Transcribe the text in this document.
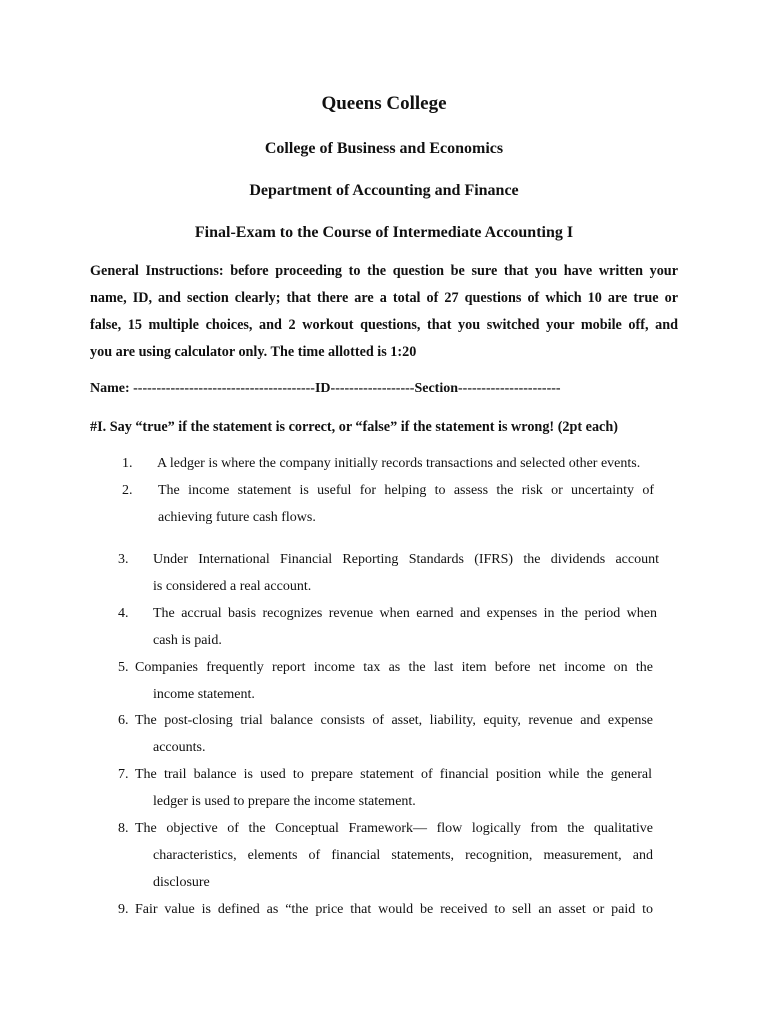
Queens College
College of Business and Economics
Department of Accounting and Finance
Final-Exam to the Course of Intermediate Accounting I
General Instructions: before proceeding to the question be sure that you have written your
name, ID, and section clearly; that there are a total of 27 questions of which 10 are true or
false, 15 multiple choices, and 2 workout questions, that you switched your mobile off, and
you are using calculator only. The time allotted is 1:20
Name: ---------------------------------------ID------------------Section----------------------
#I. Say “true” if the statement is correct, or “false” if the statement is wrong! (2pt each)
1. A ledger is where the company initially records transactions and selected other events.
2. The income statement is useful for helping to assess the risk or uncertainty of
achieving future cash flows.
3. Under International Financial Reporting Standards (IFRS) the dividends account
is considered a real account.
4. The accrual basis recognizes revenue when earned and expenses in the period when
cash is paid.
5. Companies frequently report income tax as the last item before net income on the
income statement.
6. The post-closing trial balance consists of asset, liability, equity, revenue and expense
accounts.
7. The trail balance is used to prepare statement of financial position while the general
ledger is used to prepare the income statement.
8. The objective of the Conceptual Framework— flow logically from the qualitative
characteristics, elements of financial statements, recognition, measurement, and
disclosure
9. Fair value is defined as “the price that would be received to sell an asset or paid to
